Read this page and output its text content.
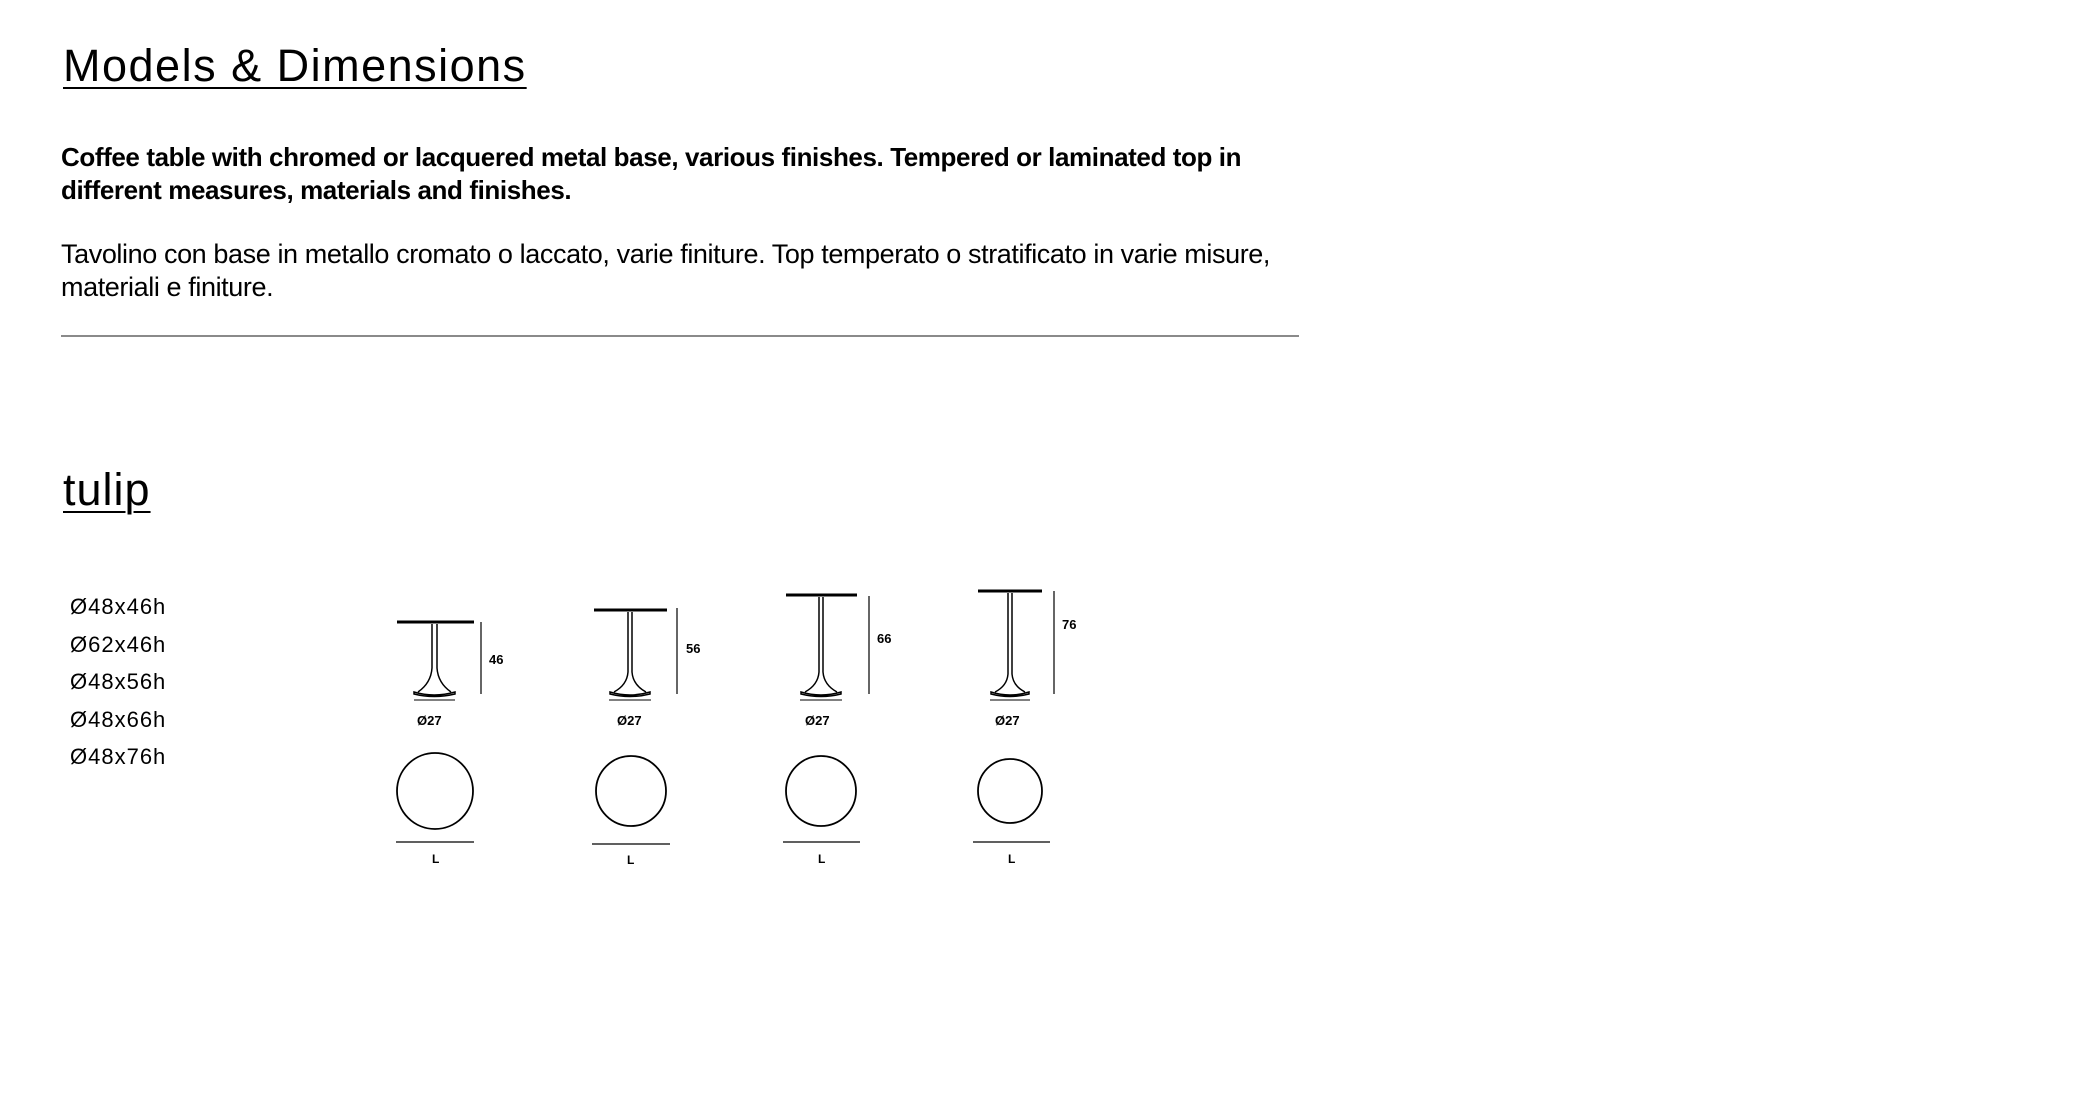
Models & Dimensions

Coffee table with chromed or lacquered metal base, various finishes. Tempered or laminated top in different measures, materials and finishes.

Tavolino con base in metallo cromato o laccato, varie finiture. Top temperato o stratificato in varie misure,
materiali e finiture.

tulip
Ø48x46h
Ø62x46h
Ø48x56h
Ø48x66h
Ø48x76h
46
Ø27
L
56
Ø27
L
66
Ø27
L
76
Ø27
L
